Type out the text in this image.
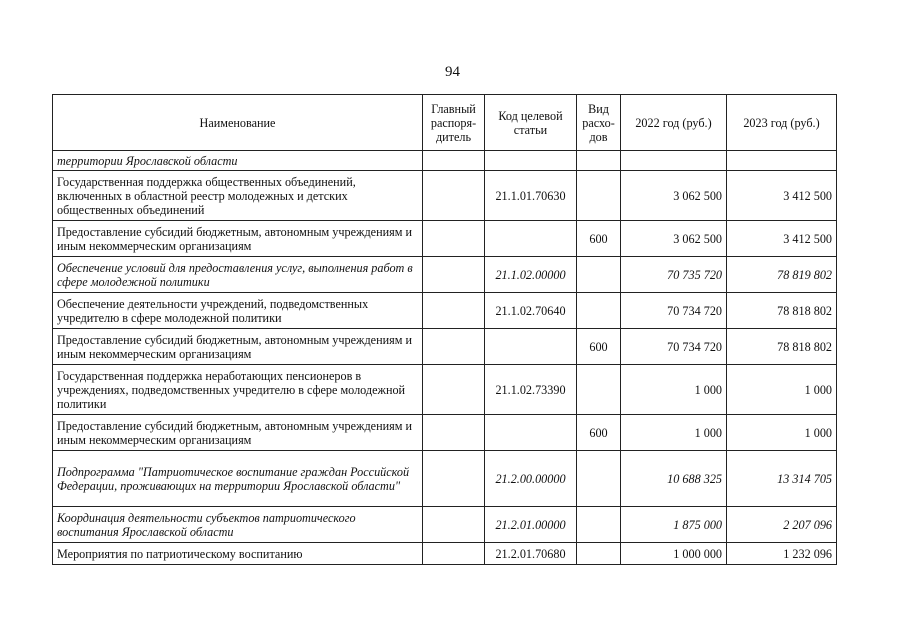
94
Наименование	Главный распоря-дитель	Код целевой статьи	Вид расхо-дов	2022 год (руб.)	2023 год (руб.)
территории Ярославской области					
Государственная поддержка общественных объединений, включенных в областной реестр молодежных и детских общественных объединений		21.1.01.70630		3 062 500	3 412 500
Предоставление субсидий бюджетным, автономным учреждениям и иным некоммерческим организациям			600	3 062 500	3 412 500
Обеспечение условий для предоставления услуг, выполнения работ в сфере молодежной политики		21.1.02.00000		70 735 720	78 819 802
Обеспечение деятельности учреждений, подведомственных учредителю в сфере молодежной политики		21.1.02.70640		70 734 720	78 818 802
Предоставление субсидий бюджетным, автономным учреждениям и иным некоммерческим организациям			600	70 734 720	78 818 802
Государственная поддержка неработающих пенсионеров в учреждениях, подведомственных учредителю в сфере молодежной политики		21.1.02.73390		1 000	1 000
Предоставление субсидий бюджетным, автономным учреждениям и иным некоммерческим организациям			600	1 000	1 000
Подпрограмма "Патриотическое воспитание граждан Российской Федерации, проживающих на территории Ярославской области"		21.2.00.00000		10 688 325	13 314 705
Координация деятельности субъектов патриотического воспитания Ярославской области		21.2.01.00000		1 875 000	2 207 096
Мероприятия по патриотическому воспитанию		21.2.01.70680		1 000 000	1 232 096
